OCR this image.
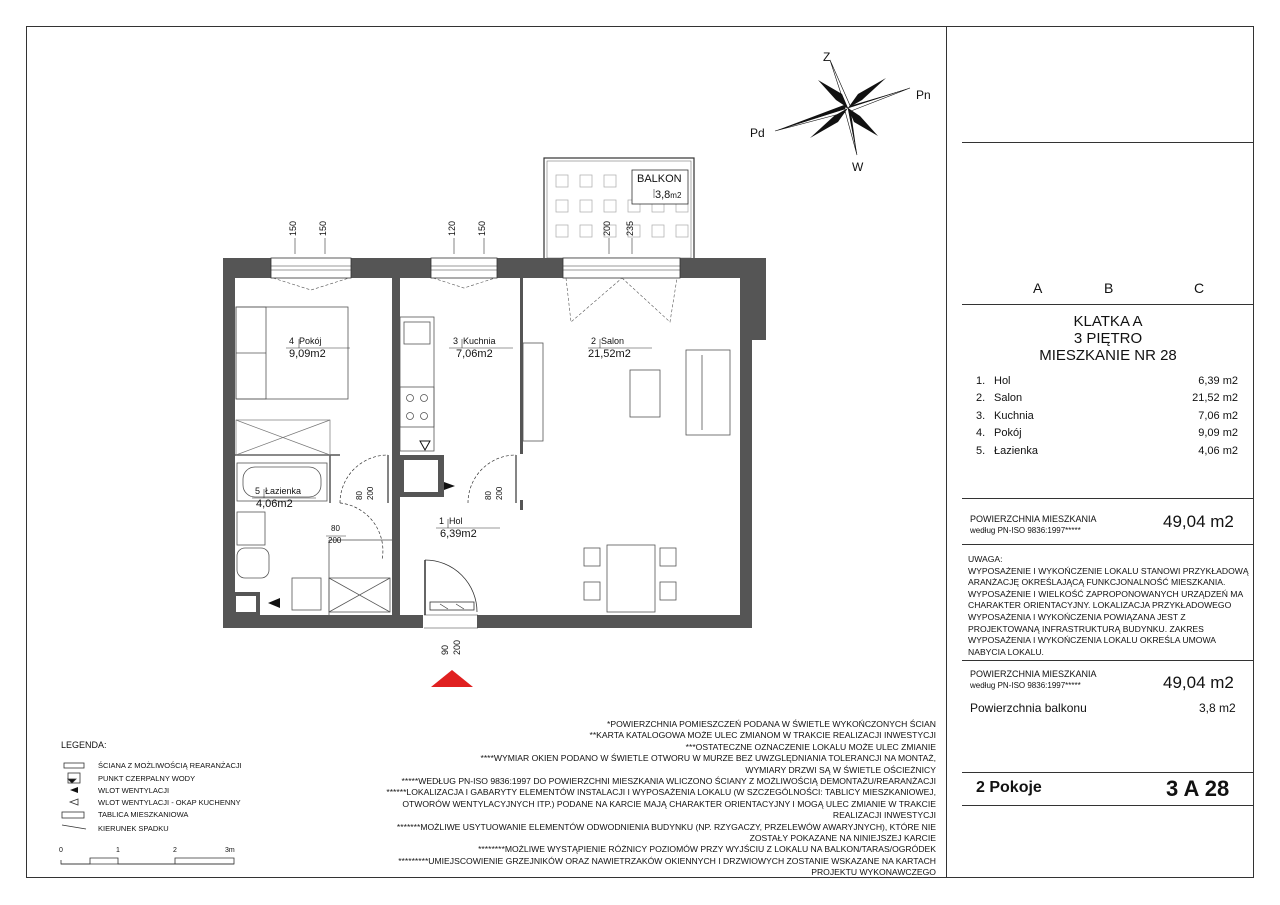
Z
Pn
Pd
W
BALKON
3,8m2
150 150	120 150	200 235
80 200	80 200
80
200
90 200
4 Pokój
9,09m2
3 Kuchnia
7,06m2
2 Salon
21,52m2
5 Łazienka
4,06m2
1 Hol
6,39m2
LEGENDA:
ŚCIANA Z MOŻLIWOŚCIĄ REARANŻACJI
PUNKT CZERPALNY WODY
WLOT WENTYLACJI
WLOT WENTYLACJI - OKAP KUCHENNY
TABLICA MIESZKANIOWA
KIERUNEK SPADKU
0	1	2	3m
*POWIERZCHNIA POMIESZCZEŃ PODANA W ŚWIETLE WYKOŃCZONYCH ŚCIAN
**KARTA KATALOGOWA MOŻE ULEC ZMIANOM W TRAKCIE REALIZACJI INWESTYCJI
***OSTATECZNE OZNACZENIE LOKALU MOŻE ULEC ZMIANIE
****WYMIAR OKIEN PODANO W ŚWIETLE OTWORU W MURZE BEZ UWZGLĘDNIANIA TOLERANCJI NA MONTAŻ,
WYMIARY DRZWI SĄ W ŚWIETLE OŚCIEŻNICY
*****WEDŁUG PN-ISO 9836:1997 DO POWIERZCHNI MIESZKANIA WLICZONO ŚCIANY Z MOŻLIWOŚCIĄ DEMONTAŻU/REARANŻACJI
******LOKALIZACJA I GABARYTY ELEMENTÓW INSTALACJI I WYPOSAŻENIA LOKALU (W SZCZEGÓLNOŚCI: TABLICY MIESZKANIOWEJ,
OTWORÓW WENTYLACYJNYCH ITP.) PODANE NA KARCIE MAJĄ CHARAKTER ORIENTACYJNY I MOGĄ ULEC ZMIANIE W TRAKCIE
REALIZACJI INWESTYCJI
*******MOŻLIWE USYTUOWANIE ELEMENTÓW ODWODNIENIA BUDYNKU (NP. RZYGACZY, PRZELEWÓW AWARYJNYCH), KTÓRE NIE
ZOSTAŁY POKAZANE NA NINIEJSZEJ KARCIE
********MOŻLIWE WYSTĄPIENIE RÓŻNICY POZIOMÓW PRZY WYJŚCIU Z LOKALU NA BALKON/TARAS/OGRÓDEK
*********UMIEJSCOWIENIE GRZEJNIKÓW ORAZ NAWIETRZAKÓW OKIENNYCH I DRZWIOWYCH ZOSTANIE WSKAZANE NA KARTACH
PROJEKTU WYKONAWCZEGO
A	B	C
KLATKA A
3 PIĘTRO
MIESZKANIE NR 28
1. Hol	6,39 m2
2. Salon	21,52 m2
3. Kuchnia	7,06 m2
4. Pokój	9,09 m2
5. Łazienka	4,06 m2
POWIERZCHNIA MIESZKANIA
według PN-ISO 9836:1997*****	49,04 m2
UWAGA:
WYPOSAŻENIE I WYKOŃCZENIE LOKALU STANOWI PRZYKŁADOWĄ ARANŻACJĘ OKREŚLAJĄCĄ FUNKCJONALNOŚĆ MIESZKANIA. WYPOSAŻENIE I WIELKOŚĆ ZAPROPONOWANYCH URZĄDZEŃ MA CHARAKTER ORIENTACYJNY. LOKALIZACJA PRZYKŁADOWEGO WYPOSAŻENIA I WYKOŃCZENIA POWIĄZANA JEST Z PROJEKTOWANĄ INFRASTRUKTURĄ BUDYNKU. ZAKRES WYPOSAŻENIA I WYKOŃCZENIA LOKALU OKREŚLA UMOWA NABYCIA LOKALU.
POWIERZCHNIA MIESZKANIA
według PN-ISO 9836:1997*****	49,04 m2
Powierzchnia balkonu	3,8 m2
2 Pokoje	3 A 28
